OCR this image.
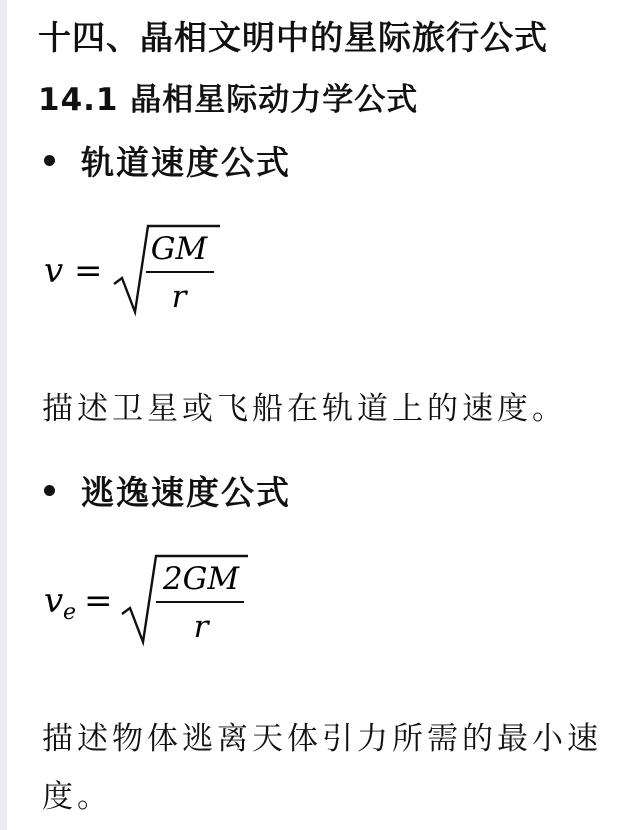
十四、晶相文明中的星际旅行公式
14.1 晶相星际动力学公式
轨道速度公式
v =
GM
r
描述卫星或飞船在轨道上的速度。
逃逸速度公式
v e =
2GM
r
描述物体逃离天体引力所需的最小速度。
